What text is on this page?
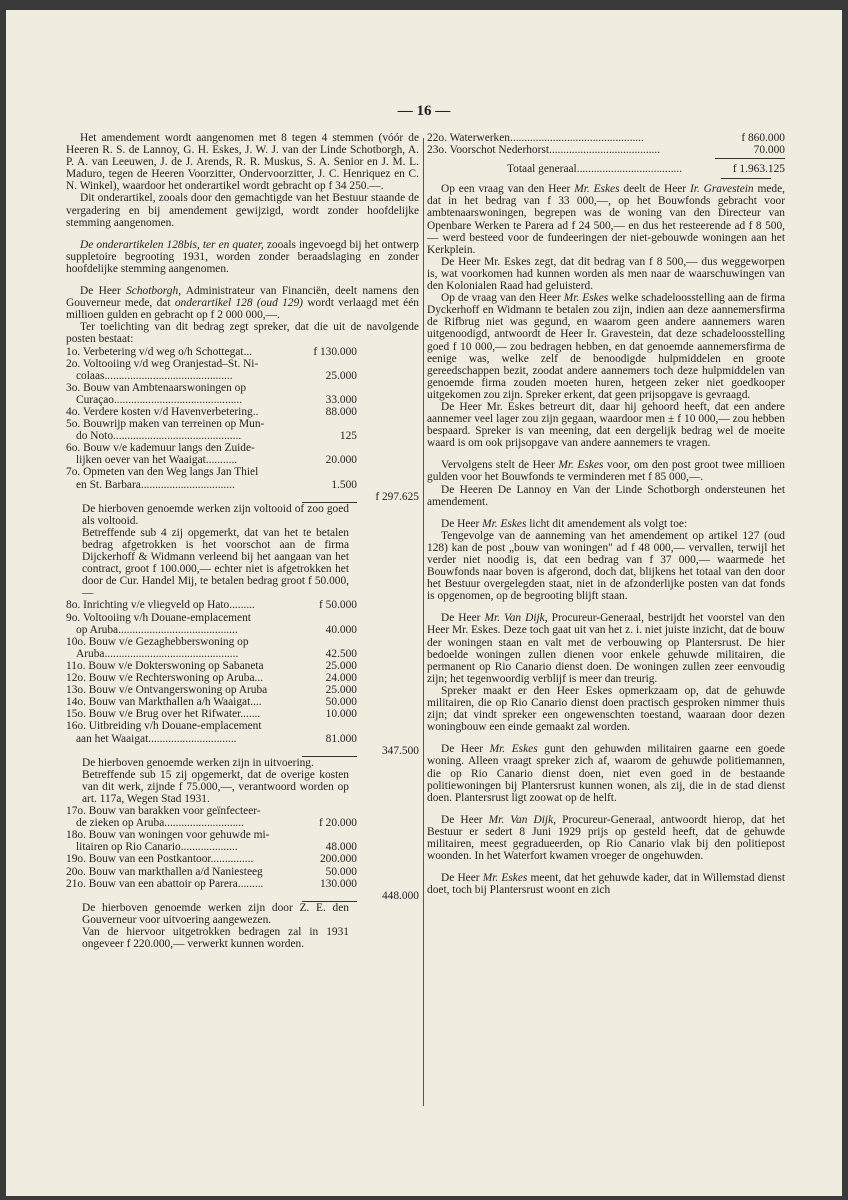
— 16 —

Het amendement wordt aangenomen met 8 tegen 4 stemmen (vóór de Heeren R. S. de Lannoy, G. H. Eskes, J. W. J. van der Linde Schotborgh, A. P. A. van Leeuwen, J. de J. Arends, R. R. Muskus, S. A. Senior en J. M. L. Maduro, tegen de Heeren Voorzitter, Ondervoorzitter, J. C. Henriquez en C. N. Winkel), waardoor het onderartikel wordt gebracht op f 34 250.—.

Dit onderartikel, zooals door den gemachtigde van het Bestuur staande de vergadering en bij amendement gewijzigd, wordt zonder hoofdelijke stemming aangenomen.

De onderartikelen 128bis, ter en quater, zooals ingevoegd bij het ontwerp suppletoire begrooting 1931, worden zonder beraadslaging en zonder hoofdelijke stemming aangenomen.

De Heer Schotborgh, Administrateur van Financiën, deelt namens den Gouverneur mede, dat onderartikel 128 (oud 129) wordt verlaagd met één millioen gulden en gebracht op f 2 000 000,—.

Ter toelichting van dit bedrag zegt spreker, dat die uit de navolgende posten bestaat:

1o. Verbetering v/d weg o/h Schottegat...	f 130.000
2o. Voltooiing v/d weg Oranjestad–St. Ni-
colaas.............................................	25.000
3o. Bouw van Ambtenaarswoningen op
Curaçao.............................................	33.000
4o. Verdere kosten v/d Havenverbetering..	88.000
5o. Bouwrijp maken van terreinen op Mun-
do Noto.............................................	125
6o. Bouw v/e kademuur langs den Zuide-
lijken oever van het Waaigat...........	20.000
7o. Opmeten van den Weg langs Jan Thiel
en St. Barbara.................................	1.500
f 297.625
De hierboven genoemde werken zijn voltooid of zoo goed als voltooid.
Betreffende sub 4 zij opgemerkt, dat van het te betalen bedrag afgetrokken is het voorschot aan de firma Dijckerhoff & Widmann verleend bij het aangaan van het contract, groot f 100.000,— echter niet is afgetrokken het door de Cur. Handel Mij, te betalen bedrag groot f 50.000,—
8o. Inrichting v/e vliegveld op Hato.........	f 50.000
9o. Voltooiing v/h Douane-emplacement
op Aruba..........................................	40.000
10o. Bouw v/e Gezaghebberswoning op
Aruba...............................................	42.500
11o. Bouw v/e Dokterswoning op Sabaneta	25.000
12o. Bouw v/e Rechterswoning op Aruba...	24.000
13o. Bouw v/e Ontvangerswoning op Aruba	25.000
14o. Bouw van Markthallen a/h Waaigat....	50.000
15o. Bouw v/e Brug over het Rifwater.......	10.000
16o. Uitbreiding v/h Douane-emplacement
aan het Waaigat...............................	81.000
347.500
De hierboven genoemde werken zijn in uitvoering.
Betreffende sub 15 zij opgemerkt, dat de overige kosten van dit werk, zijnde f 75.000,—, verantwoord worden op art. 117a, Wegen Stad 1931.
17o. Bouw van barakken voor geïnfecteer-
de zieken op Aruba............................	f 20.000
18o. Bouw van woningen voor gehuwde mi-
litairen op Rio Canario....................	48.000
19o. Bouw van een Postkantoor...............	200.000
20o. Bouw van markthallen a/d Naniesteeg	50.000
21o. Bouw van een abattoir op Parera.........	130.000
448.000
De hierboven genoemde werken zijn door Z. E. den Gouverneur voor uitvoering aangewezen.
Van de hiervoor uitgetrokken bedragen zal in 1931 ongeveer f 220.000,— verwerkt kunnen worden.
22o. Waterwerken...............................................	f 860.000
23o. Voorschot Nederhorst.......................................	70.000
Totaal generaal.....................................	f 1.963.125

Op een vraag van den Heer Mr. Eskes deelt de Heer Ir. Gravestein mede, dat in het bedrag van f 33 000,—, op het Bouwfonds gebracht voor ambtenaarswoningen, begrepen was de woning van den Directeur van Openbare Werken te Parera ad f 24 500,— en dus het resteerende ad f 8 500,— werd besteed voor de fundeeringen der niet-gebouwde woningen aan het Kerkplein.

De Heer Mr. Eskes zegt, dat dit bedrag van f 8 500,— dus weggeworpen is, wat voorkomen had kunnen worden als men naar de waarschuwingen van den Kolonialen Raad had geluisterd.

Op de vraag van den Heer Mr. Eskes welke schadeloosstelling aan de firma Dyckerhoff en Widmann te betalen zou zijn, indien aan deze aannemersfirma de Rifbrug niet was gegund, en waarom geen andere aannemers waren uitgenoodigd, antwoordt de Heer Ir. Gravestein, dat deze schadeloosstelling goed f 10 000,— zou bedragen hebben, en dat genoemde aannemersfirma de eenige was, welke zelf de benoodigde hulpmiddelen en groote gereedschappen bezit, zoodat andere aannemers toch deze hulpmiddelen van genoemde firma zouden moeten huren, hetgeen zeker niet goedkooper uitgekomen zou zijn. Spreker erkent, dat geen prijsopgave is gevraagd.

De Heer Mr. Eskes betreurt dit, daar hij gehoord heeft, dat een andere aannemer veel lager zou zijn gegaan, waardoor men ± f 10 000,— zou hebben bespaard. Spreker is van meening, dat een dergelijk bedrag wel de moeite waard is om ook prijsopgave van andere aannemers te vragen.

Vervolgens stelt de Heer Mr. Eskes voor, om den post groot twee millioen gulden voor het Bouwfonds te verminderen met f 85 000,—.

De Heeren De Lannoy en Van der Linde Schotborgh ondersteunen het amendement.

De Heer Mr. Eskes licht dit amendement als volgt toe:

Tengevolge van de aanneming van het amendement op artikel 127 (oud 128) kan de post „bouw van woningen" ad f 48 000,— vervallen, terwijl het verder niet noodig is, dat een bedrag van f 37 000,— waarmede het Bouwfonds naar boven is afgerond, doch dat, blijkens het totaal van den door het Bestuur overgelegden staat, niet in de afzonderlijke posten van dat fonds is opgenomen, op de begrooting blijft staan.

De Heer Mr. Van Dijk, Procureur-Generaal, bestrijdt het voorstel van den Heer Mr. Eskes. Deze toch gaat uit van het z. i. niet juiste inzicht, dat de bouw der woningen staan en valt met de verbouwing op Plantersrust. De hier bedoelde woningen zullen dienen voor enkele gehuwde militairen, die permanent op Rio Canario dienst doen. De woningen zullen zeer eenvoudig zijn; het tegenwoordig verblijf is meer dan treurig.

Spreker maakt er den Heer Eskes opmerkzaam op, dat de gehuwde militairen, die op Rio Canario dienst doen practisch gesproken nimmer thuis zijn; dat vindt spreker een ongewenschten toestand, waaraan door dezen woningbouw een einde gemaakt zal worden.

De Heer Mr. Eskes gunt den gehuwden militairen gaarne een goede woning. Alleen vraagt spreker zich af, waarom de gehuwde politiemannen, die op Rio Canario dienst doen, niet even goed in de bestaande politiewoningen bij Plantersrust kunnen wonen, als zij, die in de stad dienst doen. Plantersrust ligt zoowat op de helft.

De Heer Mr. Van Dijk, Procureur-Generaal, antwoordt hierop, dat het Bestuur er sedert 8 Juni 1929 prijs op gesteld heeft, dat de gehuwde militairen, meest gegradueerden, op Rio Canario vlak bij den politiepost woonden. In het Waterfort kwamen vroeger de ongehuwden.

De Heer Mr. Eskes meent, dat het gehuwde kader, dat in Willemstad dienst doet, toch bij Plantersrust woont en zich
